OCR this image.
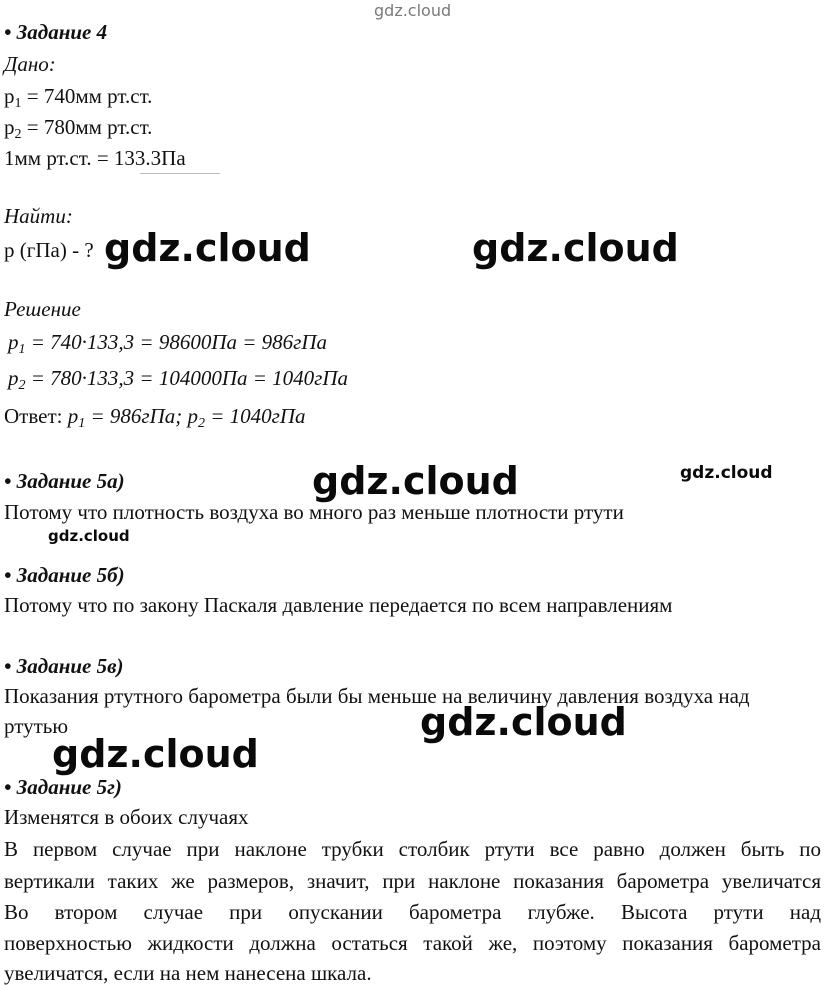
gdz.cloud
• Задание 4
Дано:
$p_1 = 740мм$ рт.ст.
$p_2 = 780мм$ рт.ст.
1мм рт.ст. = 133.3Па
Найти:
p (гПа) - ? gdz.cloud	gdz.cloud
Решение
$p_1 = 740\cdot 133,3 = 98600Па = 986гПа$
$p_2 = 780\cdot 133,3 = 104000Па = 1040гПа$
Ответ: $p_1 = 986гПа$; $p_2 = 1040гПа$
• Задание 5а)	gdz.cloud	gdz.cloud
Потому что плотность воздуха во много раз меньше плотности ртути
gdz.cloud
• Задание 5б)
Потому что по закону Паскаля давление передается по всем направлениям
• Задание 5в)
Показания ртутного барометра были бы меньше на величину давления воздуха над
ртутью	gdz.cloud
gdz.cloud
• Задание 5г)
Изменятся в обоих случаях
В первом случае при наклоне трубки столбик ртути все равно должен быть по
вертикали таких же размеров, значит, при наклоне показания барометра увеличатся
Во втором случае при опускании барометра глубже. Высота ртути над
поверхностью жидкости должна остаться такой же, поэтому показания барометра
увеличатся, если на нем нанесена шкала.
